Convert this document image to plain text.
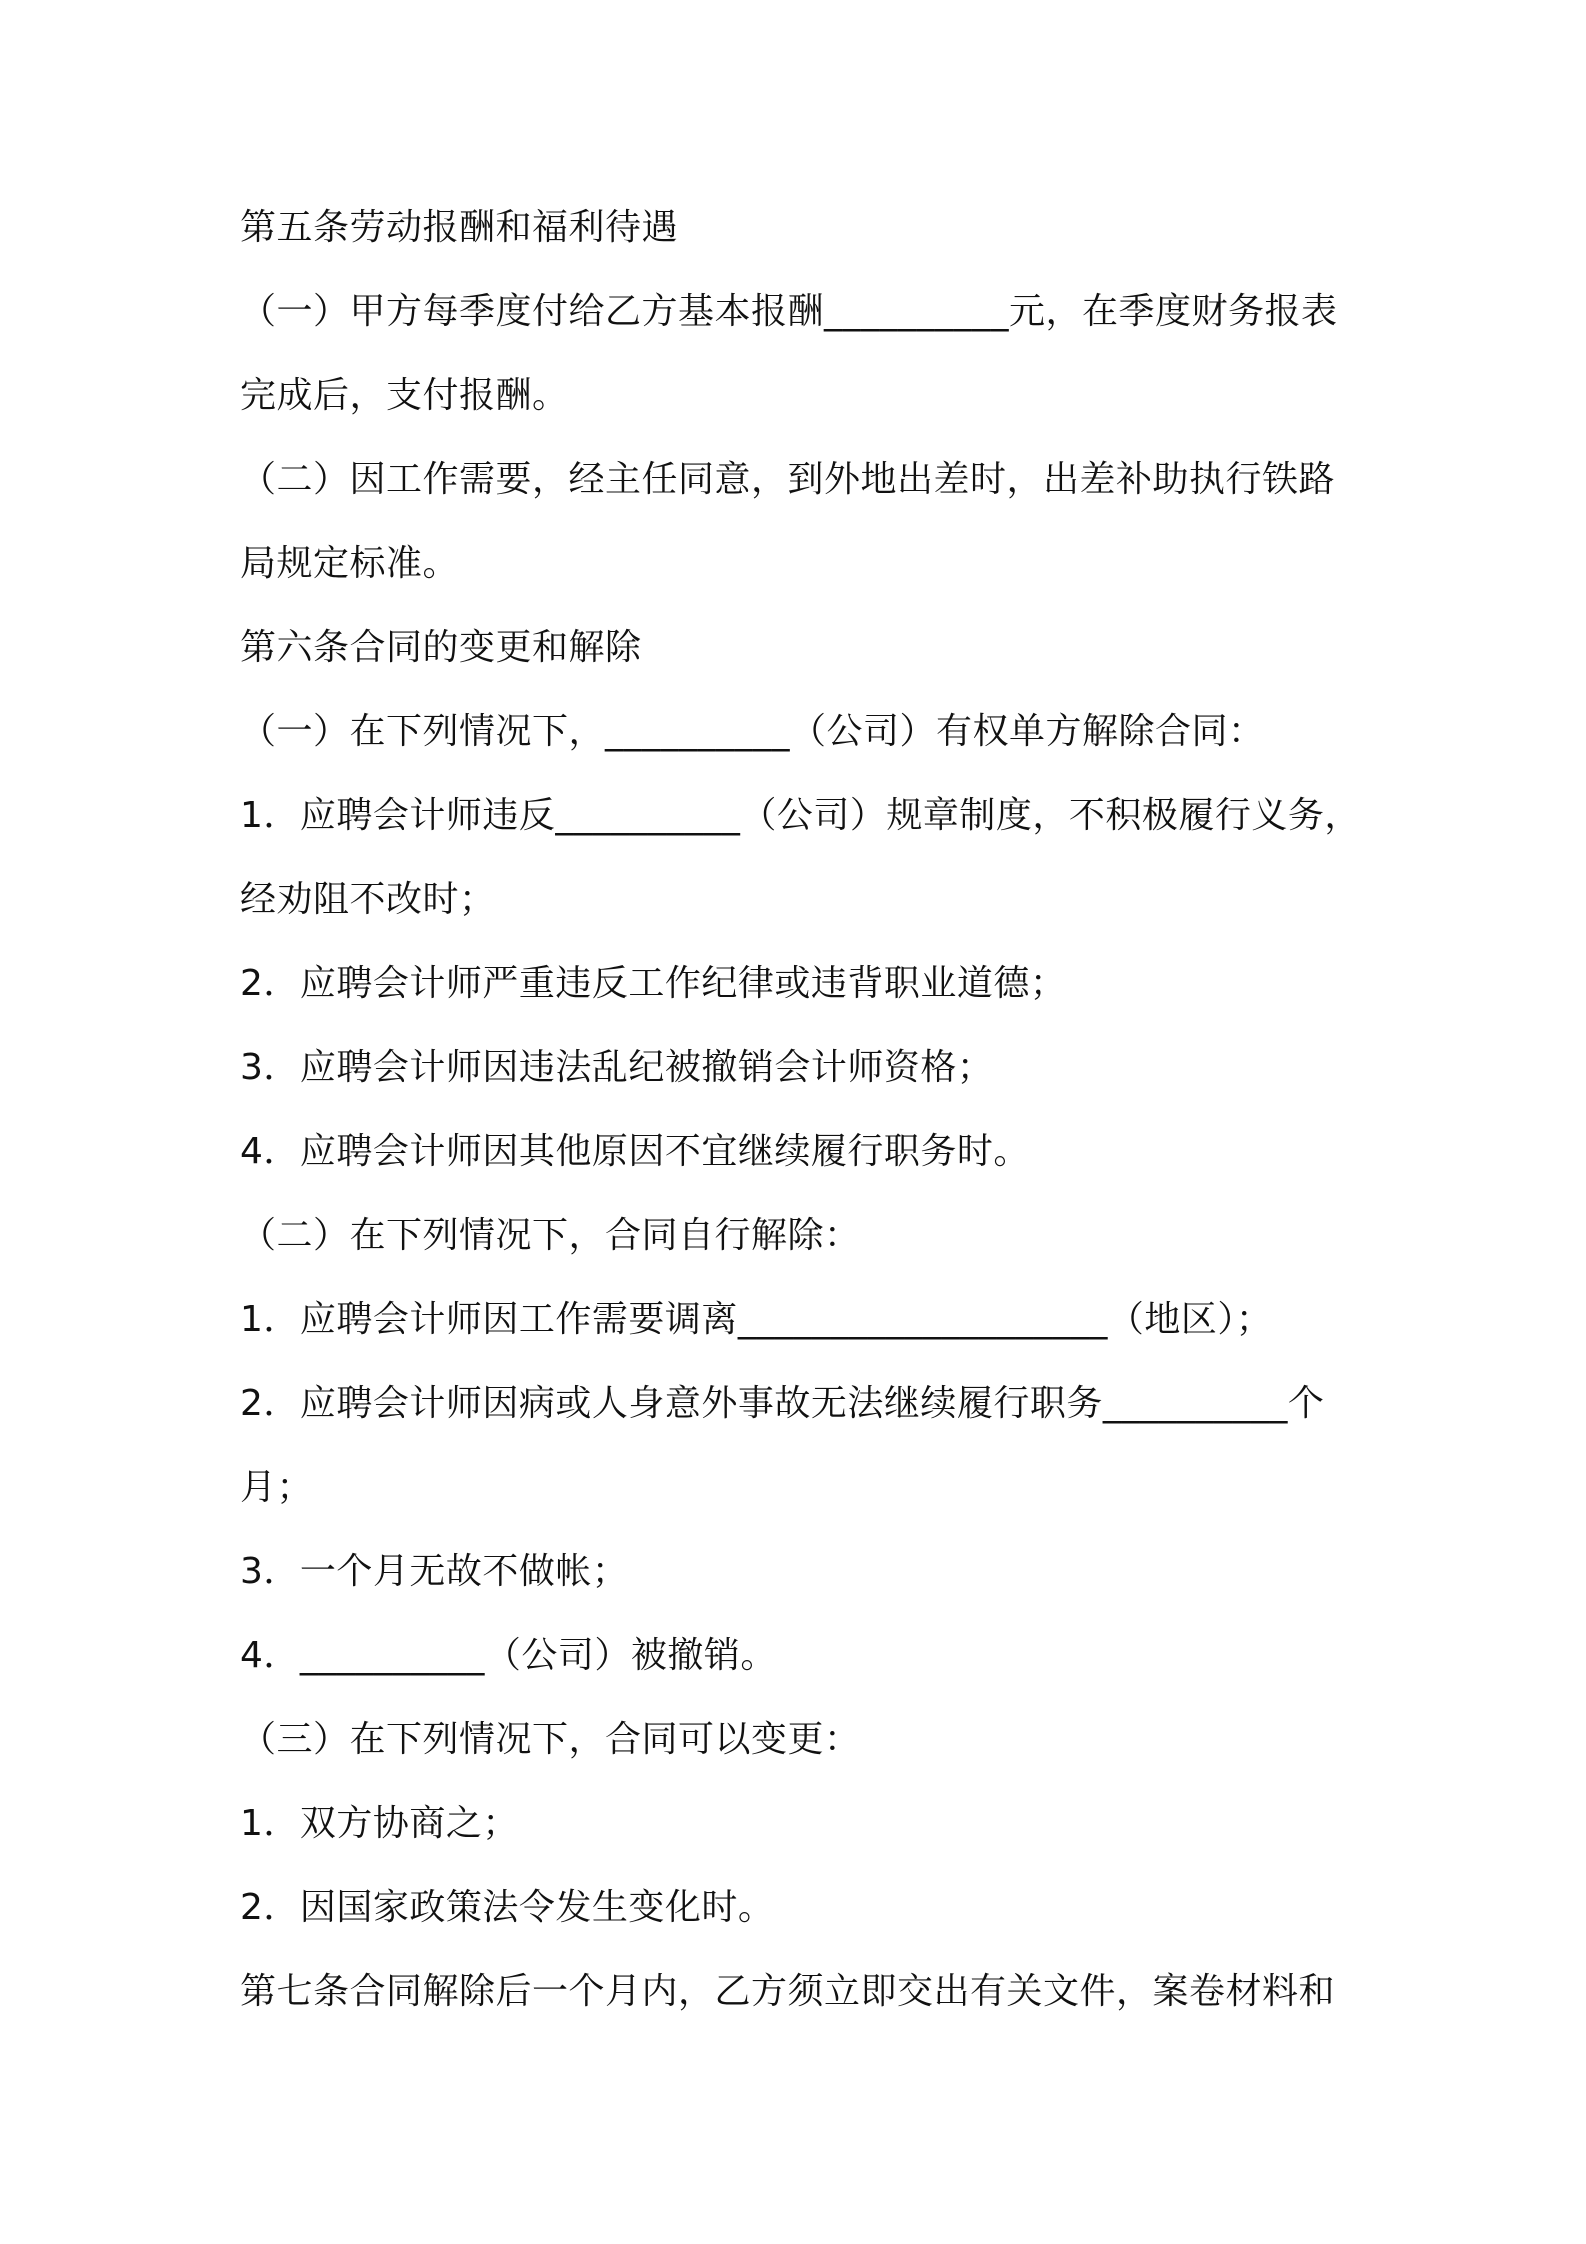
第五条劳动报酬和福利待遇

（一）甲方每季度付给乙方基本报酬__________元，在季度财务报表

完成后，支付报酬。

（二）因工作需要，经主任同意，到外地出差时，出差补助执行铁路

局规定标准。

第六条合同的变更和解除

（一）在下列情况下，__________（公司）有权单方解除合同：

1．应聘会计师违反__________（公司）规章制度，不积极履行义务，

经劝阻不改时；

2．应聘会计师严重违反工作纪律或违背职业道德；

3．应聘会计师因违法乱纪被撤销会计师资格；

4．应聘会计师因其他原因不宜继续履行职务时。

（二）在下列情况下，合同自行解除：

1．应聘会计师因工作需要调离____________________（地区）；

2．应聘会计师因病或人身意外事故无法继续履行职务__________个

月；

3．一个月无故不做帐；

4．__________（公司）被撤销。

（三）在下列情况下，合同可以变更：

1．双方协商之；

2．因国家政策法令发生变化时。

第七条合同解除后一个月内，乙方须立即交出有关文件，案卷材料和
